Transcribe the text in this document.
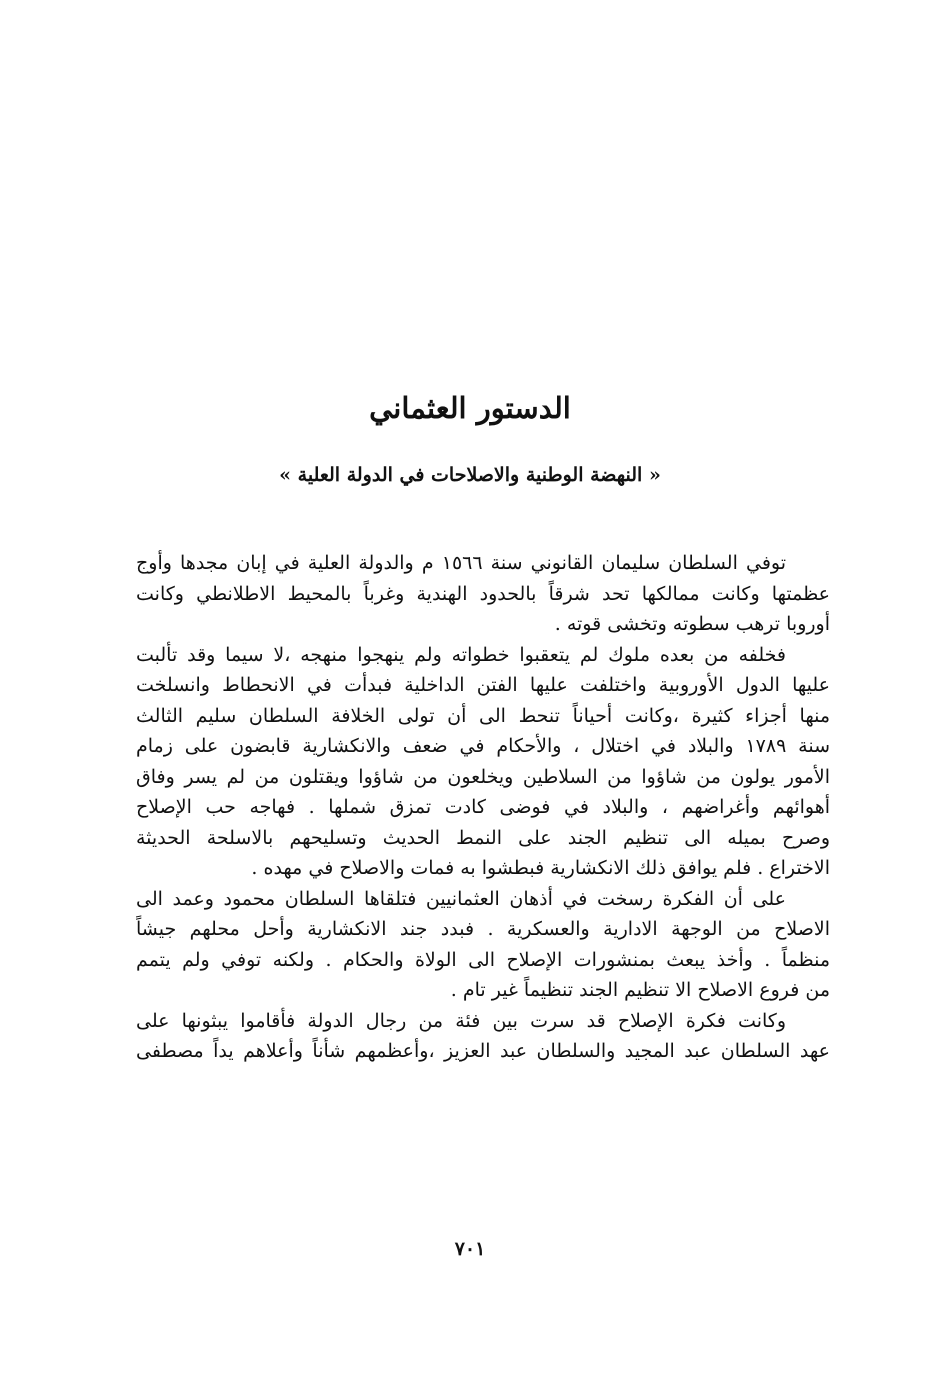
الدستور العثماني
« النهضة الوطنية والاصلاحات في الدولة العلية »
توفي السلطان سليمان القانوني سنة ١٥٦٦ م والدولة العلية في إبان مجدها وأوج
عظمتها وكانت ممالكها تحد شرقاً بالحدود الهندية وغرباً بالمحيط الاطلانطي وكانت
أوروبا ترهب سطوته وتخشى قوته .
فخلفه من بعده ملوك لم يتعقبوا خطواته ولم ينهجوا منهجه ،لا سيما وقد تألبت
عليها الدول الأوروبية واختلفت عليها الفتن الداخلية فبدأت في الانحطاط وانسلخت
منها أجزاء كثيرة ،وكانت أحياناً تنحط الى أن تولى الخلافة السلطان سليم الثالث
سنة ١٧٨٩ والبلاد في اختلال ، والأحكام في ضعف والانكشارية قابضون على زمام
الأمور يولون من شاؤوا من السلاطين ويخلعون من شاؤوا ويقتلون من لم يسر وفاق
أهوائهم وأغراضهم ، والبلاد في فوضى كادت تمزق شملها . فهاجه حب الإصلاح
وصرح بميله الى تنظيم الجند على النمط الحديث وتسليحهم بالاسلحة الحديثة
الاختراع . فلم يوافق ذلك الانكشارية فبطشوا به فمات والاصلاح في مهده .
على أن الفكرة رسخت في أذهان العثمانيين فتلقاها السلطان محمود وعمد الى
الاصلاح من الوجهة الادارية والعسكرية . فبدد جند الانكشارية وأحل محلهم جيشاً
منظماً . وأخذ يبعث بمنشورات الإصلاح الى الولاة والحكام . ولكنه توفي ولم يتمم
من فروع الاصلاح الا تنظيم الجند تنظيماً غير تام .
وكانت فكرة الإصلاح قد سرت بين فئة من رجال الدولة فأقاموا يبثونها على
عهد السلطان عبد المجيد والسلطان عبد العزيز ،وأعظمهم شأناً وأعلاهم يداً مصطفى
٧٠١
